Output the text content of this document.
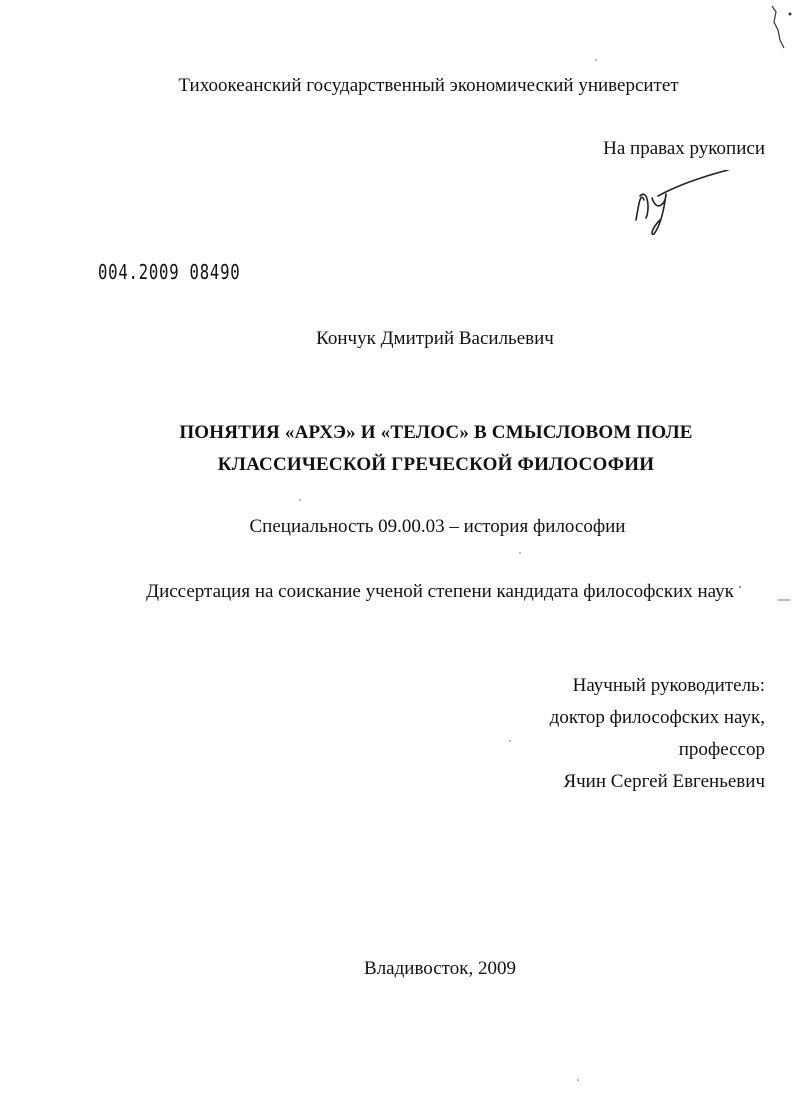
Тихоокеанский государственный экономический университет
На правах рукописи
004.2009 08490
Кончук Дмитрий Васильевич
ПОНЯТИЯ «АРХЭ» И «ТЕЛОС» В СМЫСЛОВОМ ПОЛЕ
КЛАССИЧЕСКОЙ ГРЕЧЕСКОЙ ФИЛОСОФИИ
Специальность 09.00.03 – история философии
Диссертация на соискание ученой степени кандидата философских наук
Научный руководитель:
доктор философских наук,
профессор
Ячин Сергей Евгеньевич
Владивосток, 2009
